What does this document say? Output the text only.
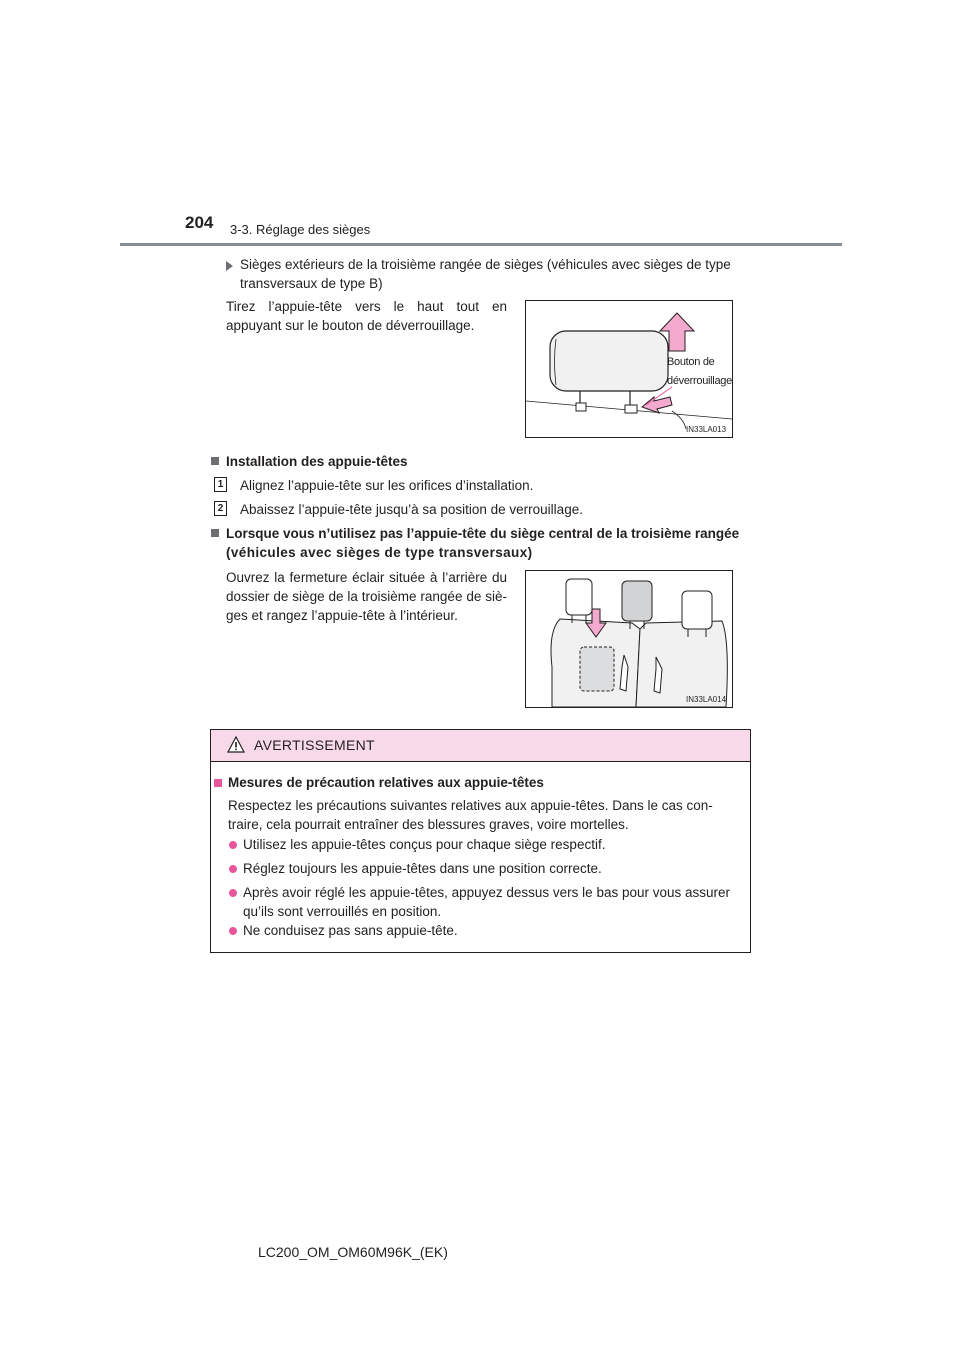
204 3-3. Réglage des sièges
Sièges extérieurs de la troisième rangée de sièges (véhicules avec sièges de type
transversaux de type B)
Tirez l’appuie-tête vers le haut tout en
appuyant sur le bouton de déverrouillage.
Bouton de
déverrouillage
IN33LA013
Installation des appuie-têtes
1 Alignez l’appuie-tête sur les orifices d’installation.
2 Abaissez l’appuie-tête jusqu’à sa position de verrouillage.
Lorsque vous n’utilisez pas l’appuie-tête du siège central de la troisième rangée
(véhicules avec sièges de type transversaux)
Ouvrez la fermeture éclair située à l’arrière du
dossier de siège de la troisième rangée de siè-
ges et rangez l’appuie-tête à l’intérieur.
IN33LA014
AVERTISSEMENT
Mesures de précaution relatives aux appuie-têtes
Respectez les précautions suivantes relatives aux appuie-têtes. Dans le cas con-
traire, cela pourrait entraîner des blessures graves, voire mortelles.
Utilisez les appuie-têtes conçus pour chaque siège respectif.
Réglez toujours les appuie-têtes dans une position correcte.
Après avoir réglé les appuie-têtes, appuyez dessus vers le bas pour vous assurer
qu’ils sont verrouillés en position.
Ne conduisez pas sans appuie-tête.
LC200_OM_OM60M96K_(EK)
